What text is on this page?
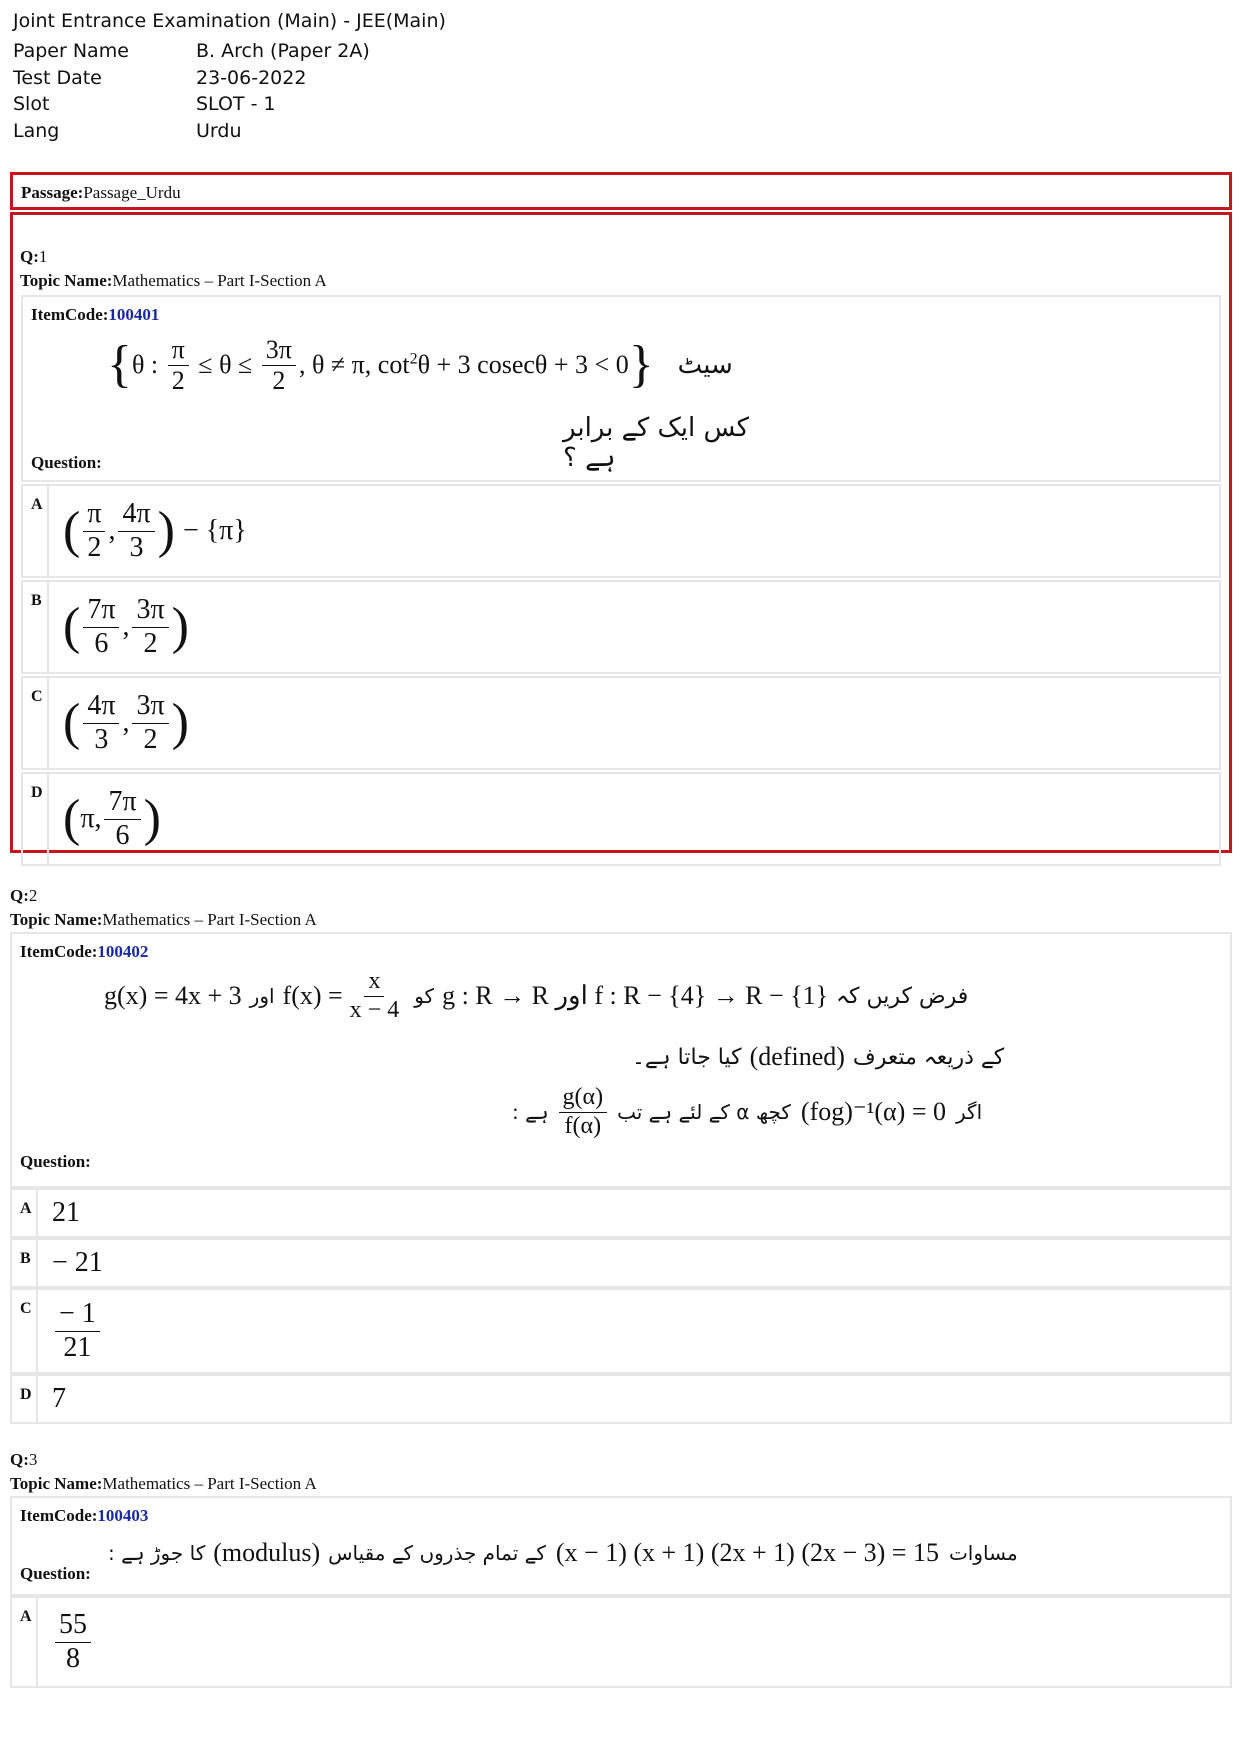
Joint Entrance Examination (Main) - JEE(Main)
Paper Name	B. Arch (Paper 2A)
Test Date	23-06-2022
Slot	SLOT - 1
Lang	Urdu
Passage:Passage_Urdu
Q:1
Topic Name:Mathematics – Part I-Section A
ItemCode:100401
{ θ : $\frac{\pi}{2} \le \theta \le \frac{3\pi}{2}$ , θ ≠ π, $\cot^2\theta + 3$ cosecθ + 3 < 0 } سیٹ
کس ایک کے برابر ہے ؟
Question:
A ( $\frac{\pi}{2}$ , $\frac{4\pi}{3}$ ) − {π}
B ( $\frac{7\pi}{6}$ , $\frac{3\pi}{2}$ )
C ( $\frac{4\pi}{3}$ , $\frac{3\pi}{2}$ )
D ( π , $\frac{7\pi}{6}$ )
Q:2
Topic Name:Mathematics – Part I-Section A
ItemCode:100402
g(x) = 4x + 3 اور $f(x) = \frac{x}{x - 4}$ کو g : R → R اور f : R − {4} → R − {1} فرض کریں کہ
کیا جاتا ہے۔ (defined) کے ذریعہ متعرف
ہے : $\frac{g(\alpha)}{f(\alpha)}$ کچھ α کے لئے ہے تب (fog)⁻¹(α) = 0 اگر
Question:
A 21
B − 21
C $\frac{- 1}{21}$
D 7
Q:3
Topic Name:Mathematics – Part I-Section A
ItemCode:100403
کا جوڑ ہے : (modulus) کے تمام جذروں کے مقیاس (x − 1) (x + 1) (2x + 1) (2x − 3) = 15 مساوات
Question:
A $\frac{55}{8}$
